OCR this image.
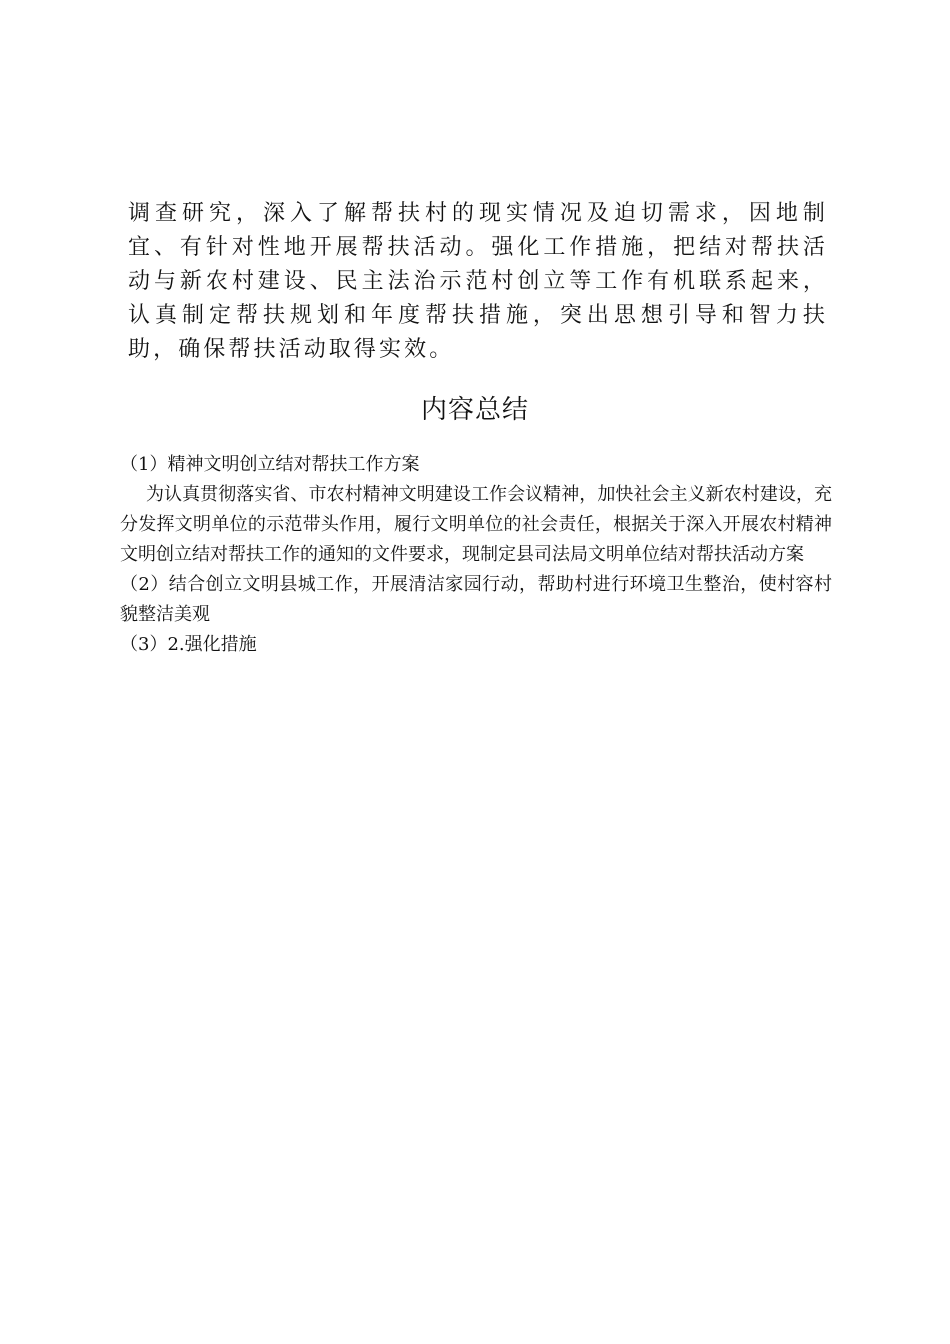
调查研究，深入了解帮扶村的现实情况及迫切需求，因地制宜、有针对性地开展帮扶活动。强化工作措施，把结对帮扶活动与新农村建设、民主法治示范村创立等工作有机联系起来，认真制定帮扶规划和年度帮扶措施，突出思想引导和智力扶助，确保帮扶活动取得实效。

内容总结

（1）精神文明创立结对帮扶工作方案

为认真贯彻落实省、市农村精神文明建设工作会议精神，加快社会主义新农村建设，充分发挥文明单位的示范带头作用，履行文明单位的社会责任，根据关于深入开展农村精神文明创立结对帮扶工作的通知的文件要求，现制定县司法局文明单位结对帮扶活动方案

（2）结合创立文明县城工作，开展清洁家园行动，帮助村进行环境卫生整治，使村容村貌整洁美观

（3）2.强化措施
